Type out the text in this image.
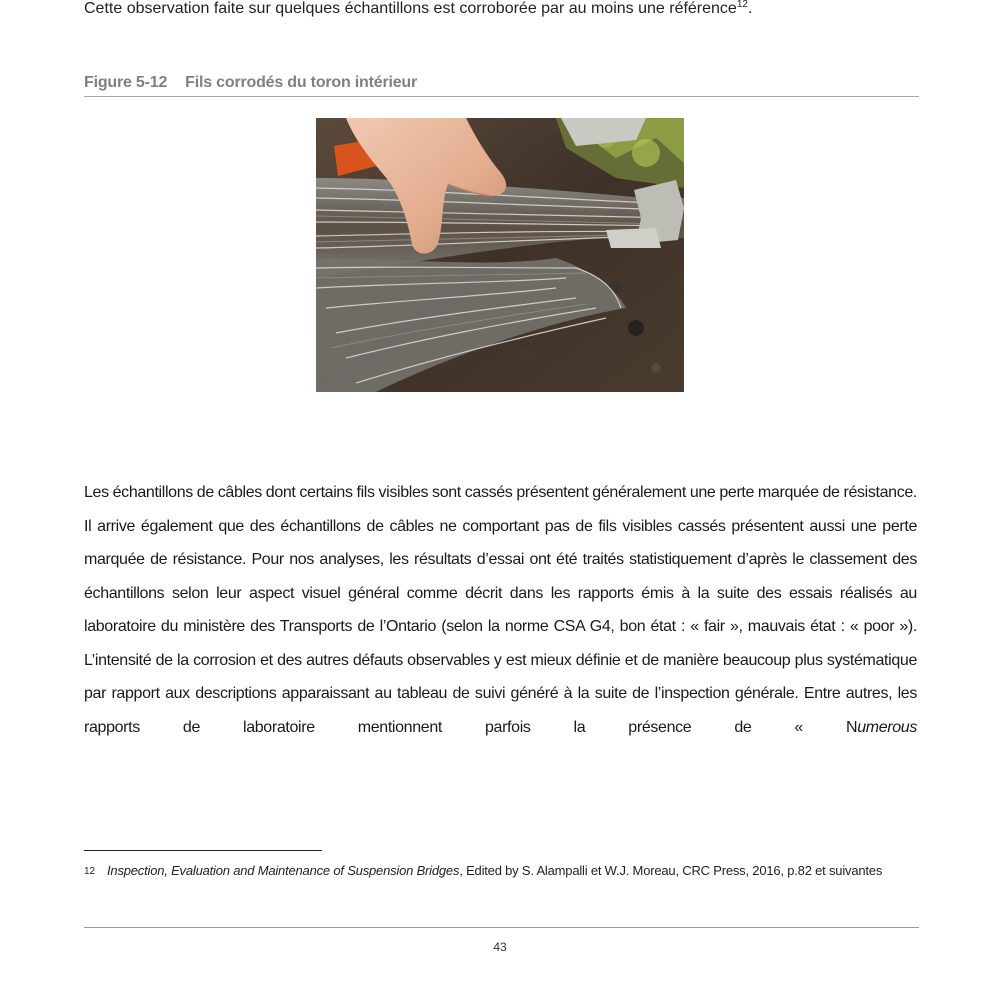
Cette observation faite sur quelques échantillons est corroborée par au moins une référence$^{12}$.
Figure 5-12 Fils corrodés du toron intérieur
Les échantillons de câbles dont certains fils visibles sont cassés présentent généralement une perte marquée de résistance. Il arrive également que des échantillons de câbles ne comportant pas de fils visibles cassés présentent aussi une perte marquée de résistance. Pour nos analyses, les résultats d’essai ont été traités statistiquement d’après le classement des échantillons selon leur aspect visuel général comme décrit dans les rapports émis à la suite des essais réalisés au laboratoire du ministère des Transports de l’Ontario (selon la norme CSA G4, bon état : « fair », mauvais état : « poor »). L’intensité de la corrosion et des autres défauts observables y est mieux définie et de manière beaucoup plus systématique par rapport aux descriptions apparaissant au tableau de suivi généré à la suite de l’inspection générale. Entre autres, les rapports de laboratoire mentionnent parfois la présence de « Numerous
12 Inspection, Evaluation and Maintenance of Suspension Bridges, Edited by S. Alampalli et W.J. Moreau, CRC Press, 2016, p.82 et suivantes
43
